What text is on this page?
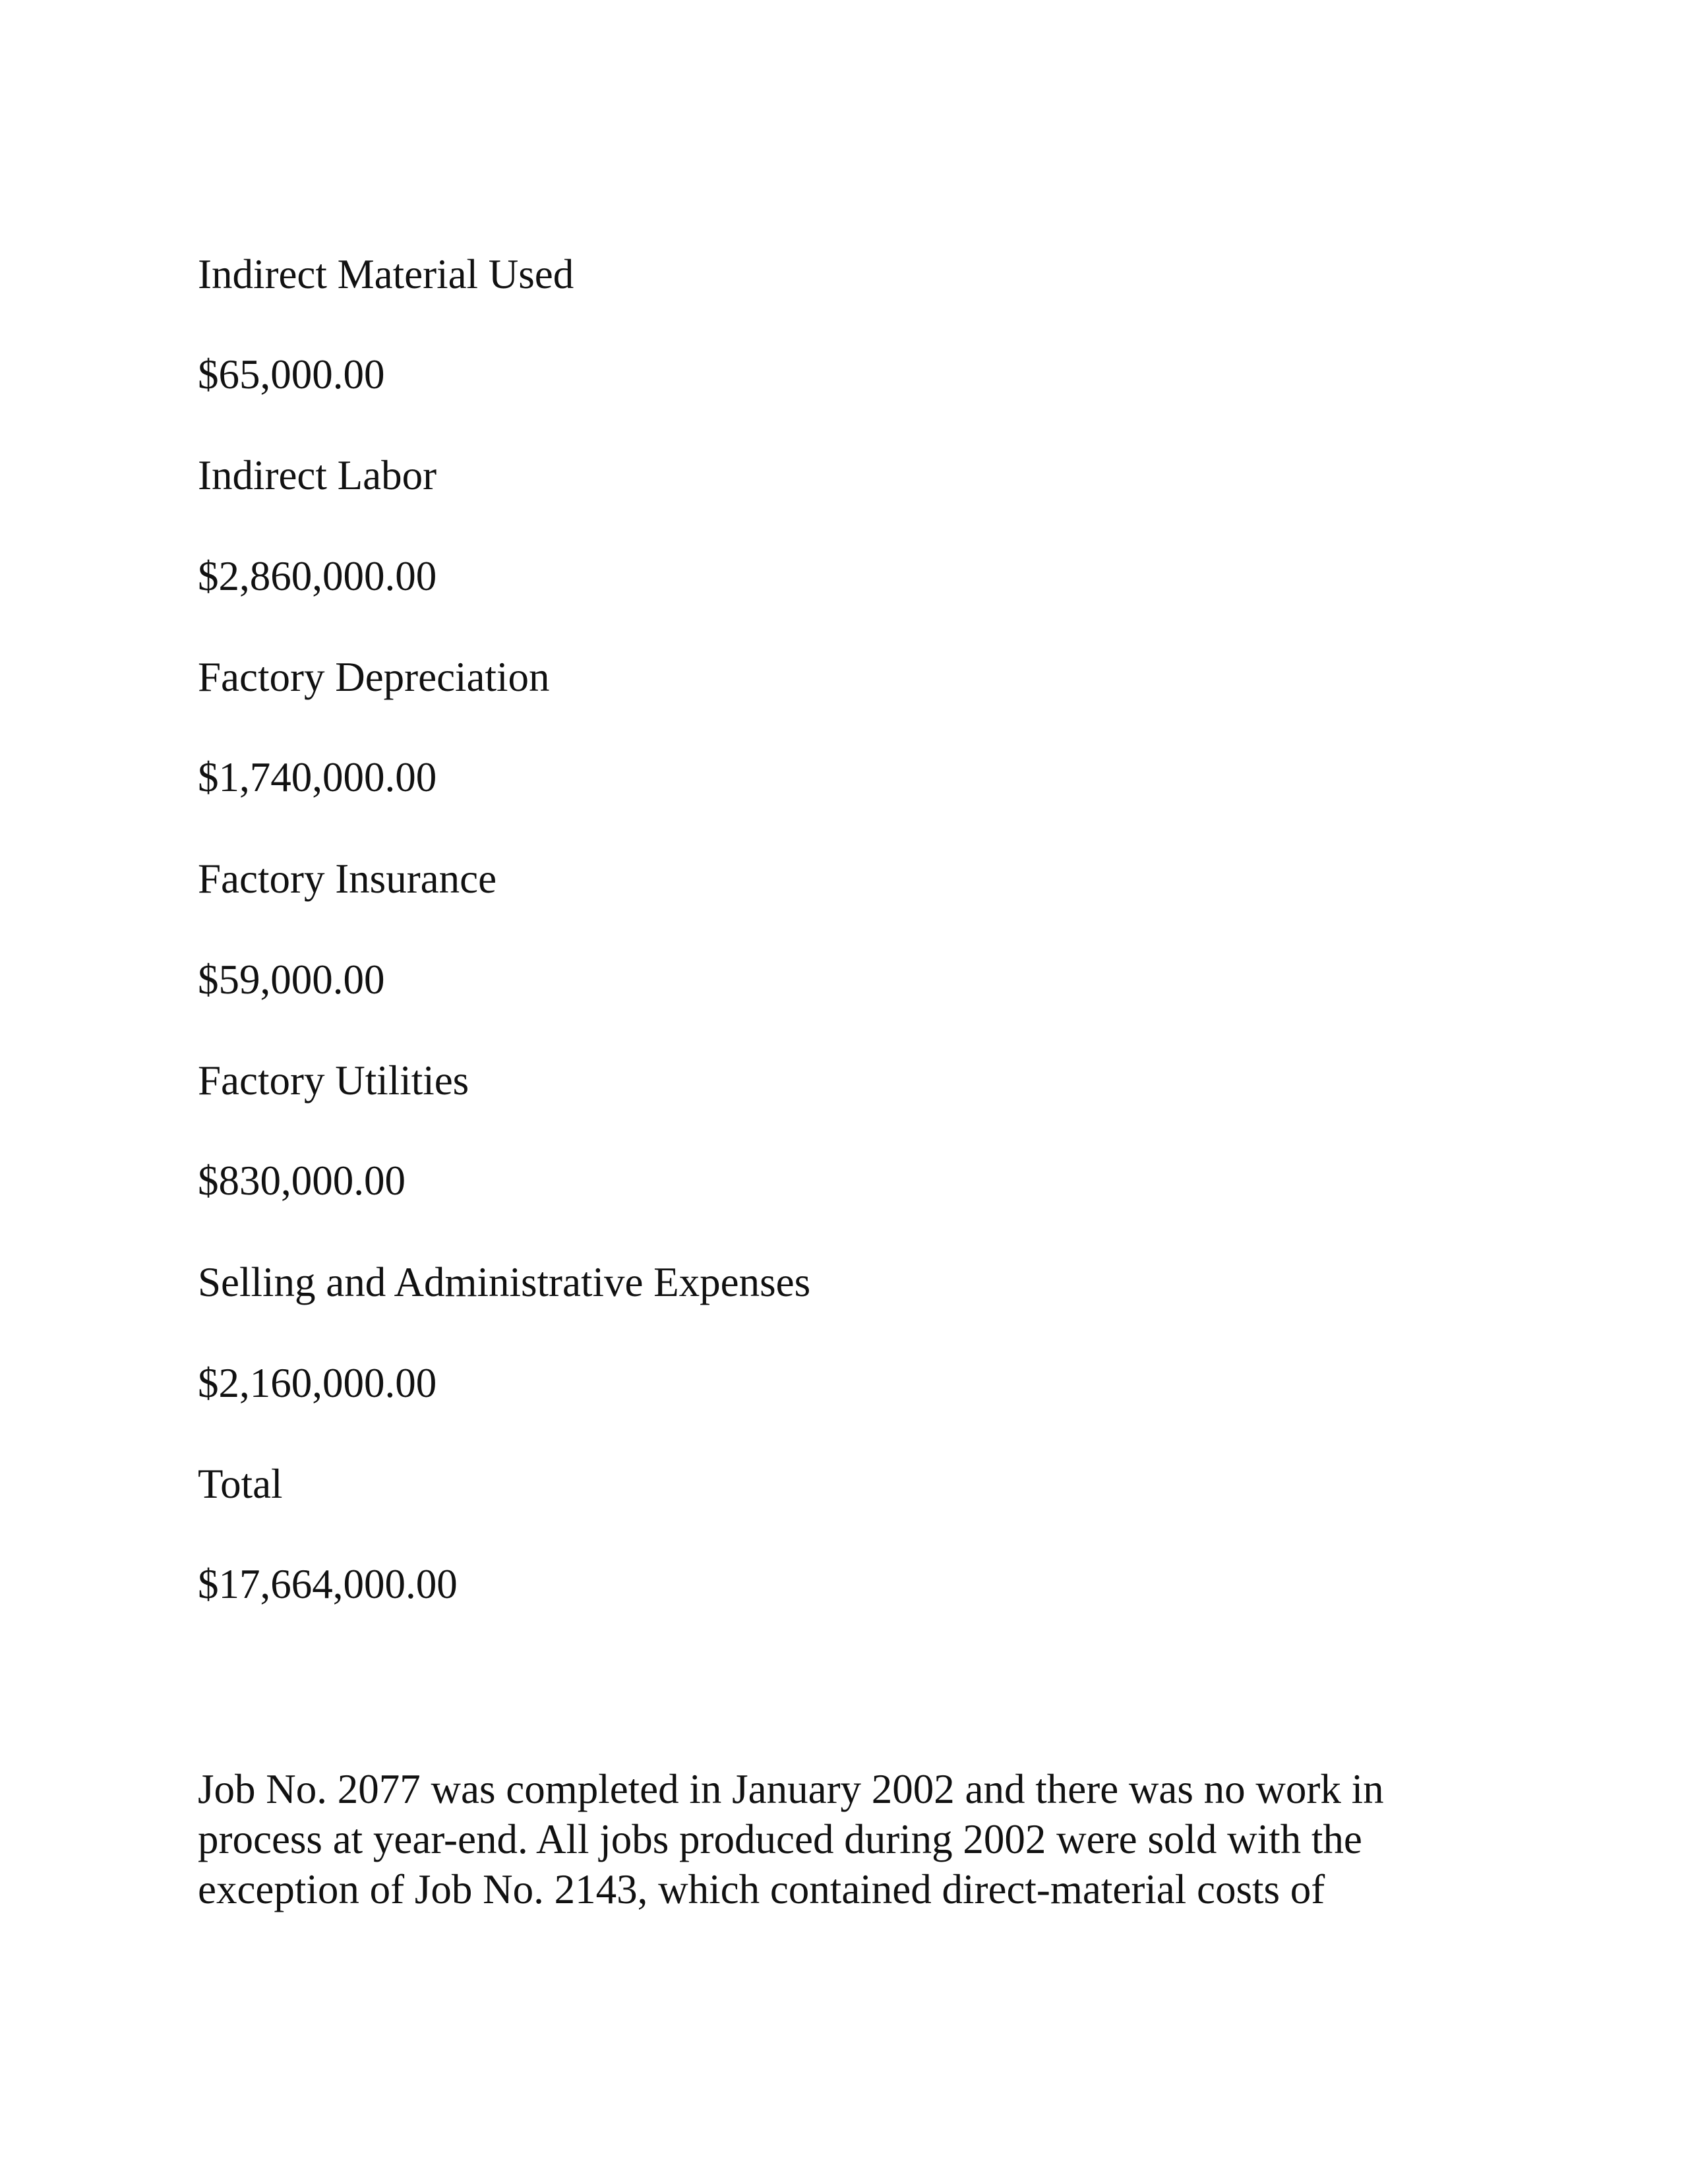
Indirect Material Used

$65,000.00

Indirect Labor

$2,860,000.00

Factory Depreciation

$1,740,000.00

Factory Insurance

$59,000.00

Factory Utilities

$830,000.00

Selling and Administrative Expenses

$2,160,000.00

Total

$17,664,000.00

Job No. 2077 was completed in January 2002 and there was no work in
process at year-end. All jobs produced during 2002 were sold with the
exception of Job No. 2143, which contained direct-material costs of
